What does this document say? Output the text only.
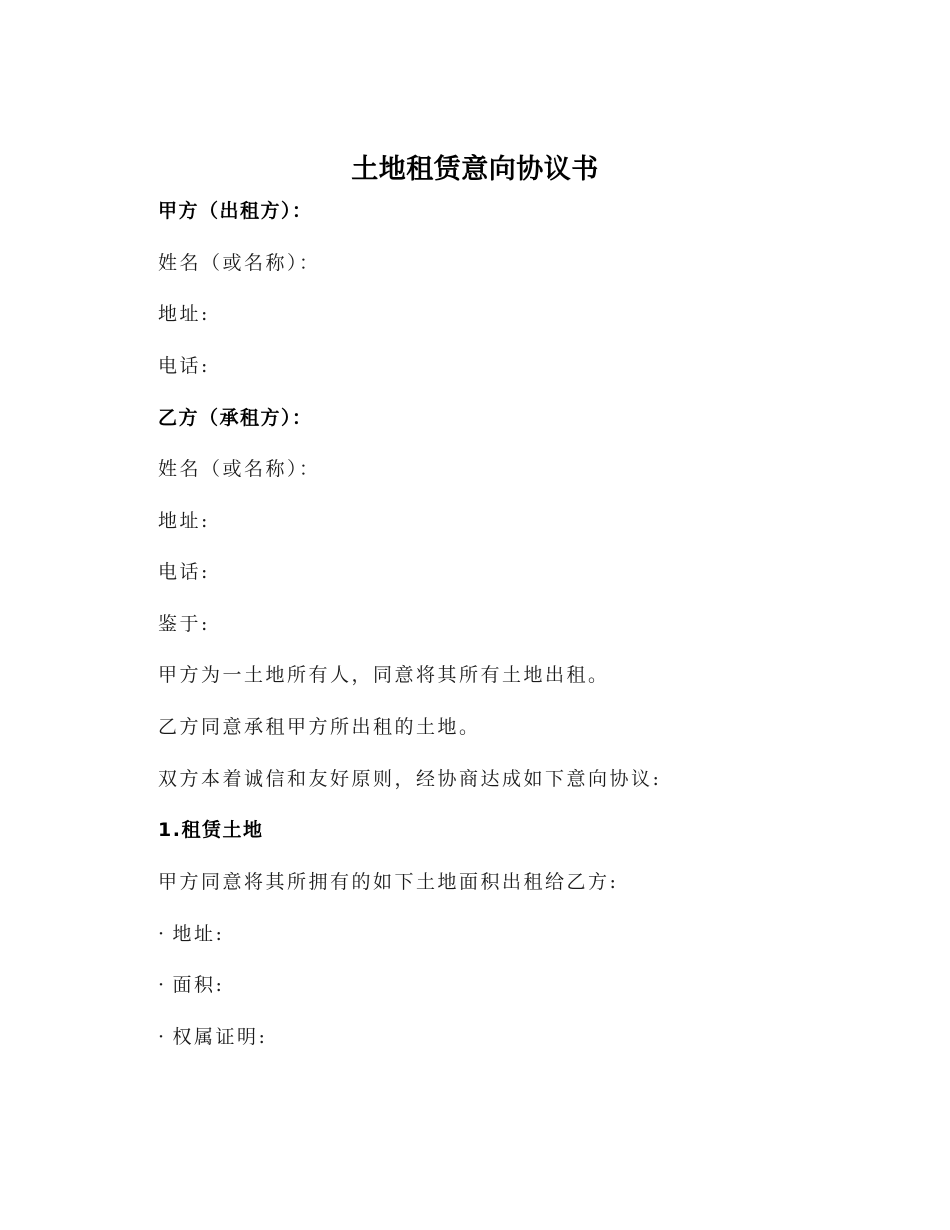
土地租赁意向协议书
甲方（出租方）：
姓名（或名称）：
地址:
电话:
乙方（承租方）：
姓名（或名称）：
地址:
电话:
鉴于:
甲方为一土地所有人，同意将其所有土地出租。
乙方同意承租甲方所出租的土地。
双方本着诚信和友好原则，经协商达成如下意向协议:
1.租赁土地
甲方同意将其所拥有的如下土地面积出租给乙方:
· 地址:
· 面积:
· 权属证明:
